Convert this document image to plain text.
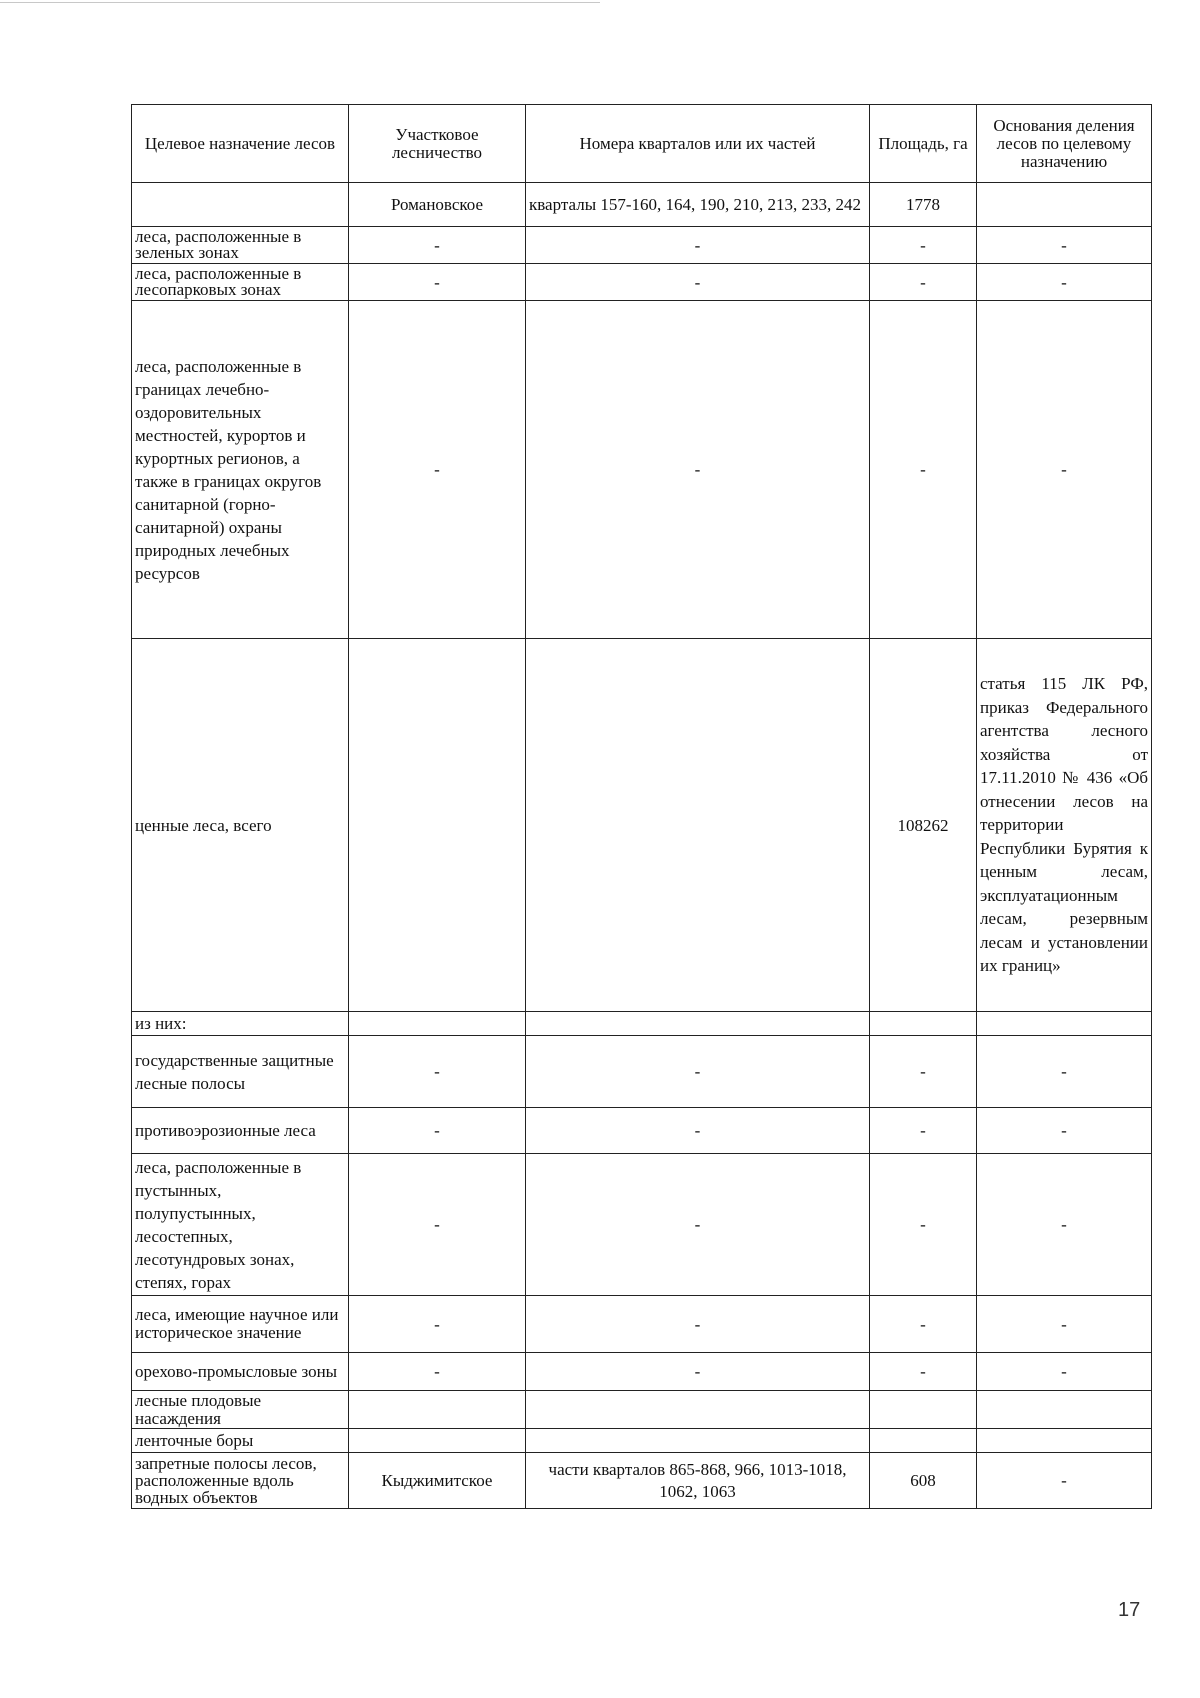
Целевое назначение лесов	Участковое лесничество	Номера кварталов или их частей	Площадь, га	Основания деления лесов по целевому назначению
	Романовское	кварталы 157-160, 164, 190, 210, 213, 233, 242	1778	
леса, расположенные в зеленых зонах	-	-	-	-
леса, расположенные в лесопарковых зонах	-	-	-	-
леса, расположенные в границах лечебно-оздоровительных местностей, курортов и курортных регионов, а также в границах округов санитарной (горно-санитарной) охраны природных лечебных ресурсов	-	-	-	-
ценные леса, всего			108262	статья 115 ЛК РФ, приказ Федерального агентства лесного хозяйства от 17.11.2010 № 436 «Об отнесении лесов на территории Республики Бурятия к ценным лесам, эксплуатационным лесам, резервным лесам и установлении их границ»
из них:				
государственные защитные лесные полосы	-	-	-	-
противоэрозионные леса	-	-	-	-
леса, расположенные в пустынных, полупустынных, лесостепных, лесотундровых зонах, степях, горах	-	-	-	-
леса, имеющие научное или историческое значение	-	-	-	-
орехово-промысловые зоны	-	-	-	-
лесные плодовые насаждения				
ленточные боры				
запретные полосы лесов, расположенные вдоль водных объектов	Кыджимитское	части кварталов 865-868, 966, 1013-1018, 1062, 1063	608	-
17
